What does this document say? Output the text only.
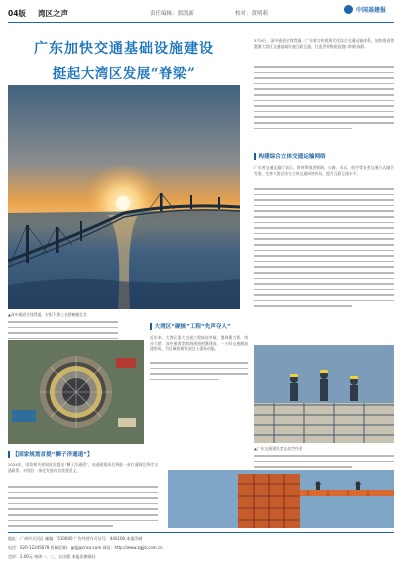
04版 湾区之声	责任编辑：郭凯新	校对：黄明莉	中国基建报
广东加快交通基础设施建设
挺起大湾区发展“脊梁”
5月8日，深中通道全线贯通。广东着力构建现代化综合交通运输体系，加快推进粤港澳大湾区交通基础设施互联互通，打造世界级枢纽港口和机场群。
构建综合立体交通运输网络
广东省交通运输厅表示，将统筹推进铁路、公路、水运、航空等各类交通方式融合发展，完善大湾区综合立体交通网络布局，提升互联互通水平。
▲深中通道全线贯通，夕阳下海上长桥蜿蜒壮美
大湾区“硬核”工程“先声夺人”
近年来，大湾区重大交通工程接连突破，港珠澳大桥、南沙大桥、深中通道等跨海通道相继建成，一小时交通圈加速形成，为区域协调发展注入强劲动能。
【国家规划首提“狮子洋通道”】
2024年，国家相关规划首次提出“狮子洋通道”，该通道建成后将进一步打通珠江两岸交通联系，对湾区一体化发展具有重要意义。
▲广东交通建设者在高空作业
地址：广州市天河区 邮编：510000 广告经营许可证号：440100 本报印刷
电话：020-12345678 投稿信箱：gdjj@cnce.com 网址：http://www.zgjjb.com.cn
定价：2.00元 每周一、三、五出版 本报法律顾问
